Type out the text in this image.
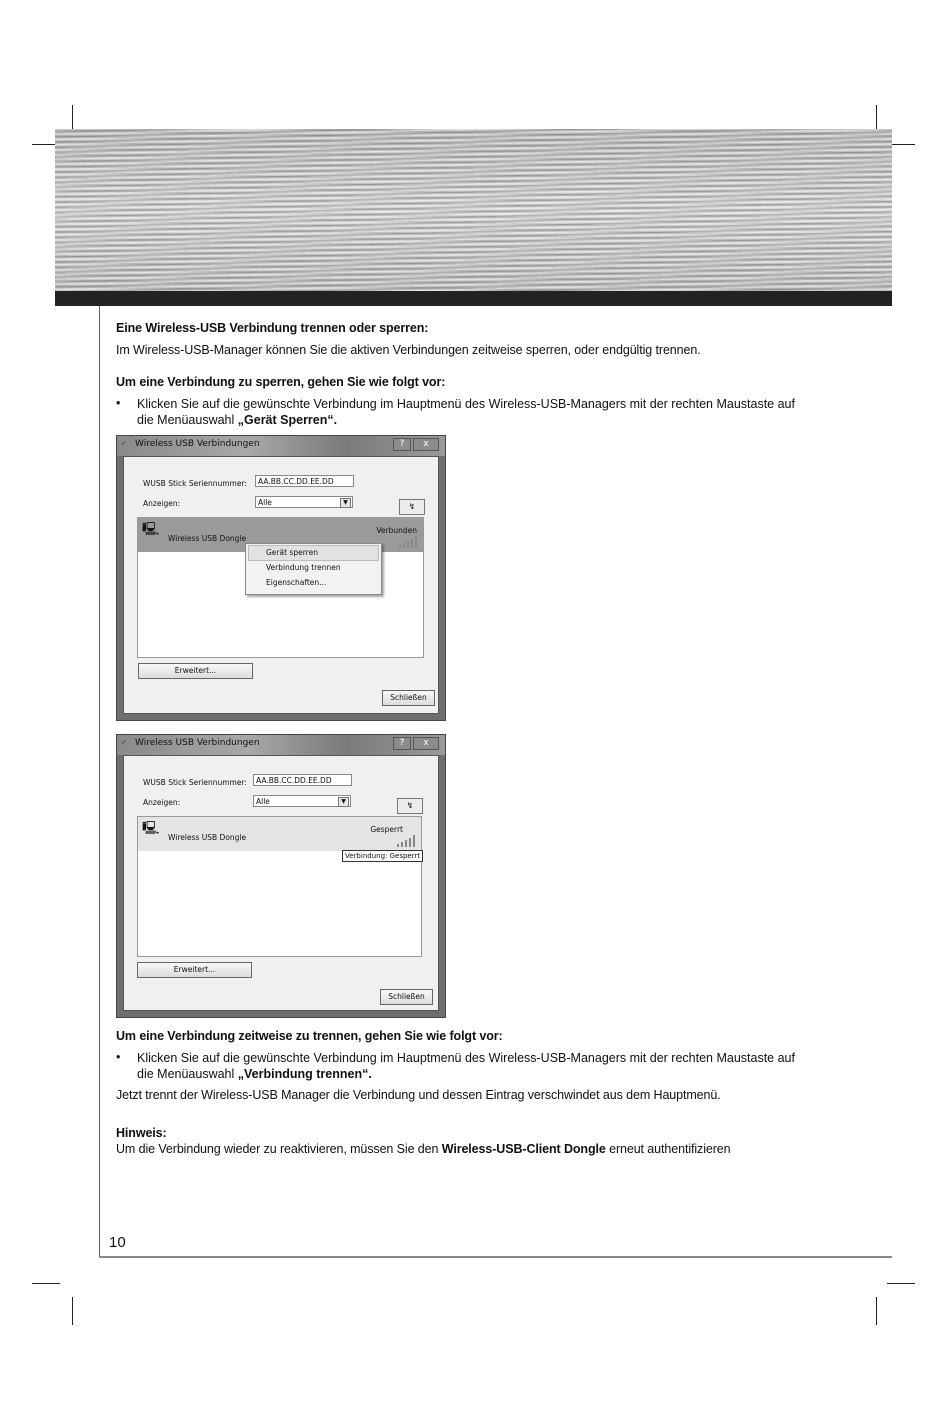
Eine Wireless-USB Verbindung trennen oder sperren:
Im Wireless-USB-Manager können Sie die aktiven Verbindungen zeitweise sperren, oder endgültig trennen.
Um eine Verbindung zu sperren, gehen Sie wie folgt vor:
• Klicken Sie auf die gewünschte Verbindung im Hauptmenü des Wireless-USB-Managers mit der rechten Maustaste auf
die Menüauswahl „Gerät Sperren“.
◜ Wireless USB Verbindungen	?	x
WUSB Stick Seriennummer:	AA.BB.CC.DD.EE.DD
Anzeigen:	Alle	▼	↯
🖳
Wireless USB Dongle
Verbunden
Gerät sperren
Verbindung trennen
Eigenschaften...
Erweitert...
Schließen
◜ Wireless USB Verbindungen	?	x
WUSB Stick Seriennummer:	AA.BB.CC.DD.EE.DD
Anzeigen:	Alle	▼	↯
🖳
Wireless USB Dongle
Gesperrt
Verbindung: Gesperrt
Erweitert...
Schließen
Um eine Verbindung zeitweise zu trennen, gehen Sie wie folgt vor:
• Klicken Sie auf die gewünschte Verbindung im Hauptmenü des Wireless-USB-Managers mit der rechten Maustaste auf
die Menüauswahl „Verbindung trennen“.
Jetzt trennt der Wireless-USB Manager die Verbindung und dessen Eintrag verschwindet aus dem Hauptmenü.
Hinweis:
Um die Verbindung wieder zu reaktivieren, müssen Sie den Wireless-USB-Client Dongle erneut authentifizieren
10
